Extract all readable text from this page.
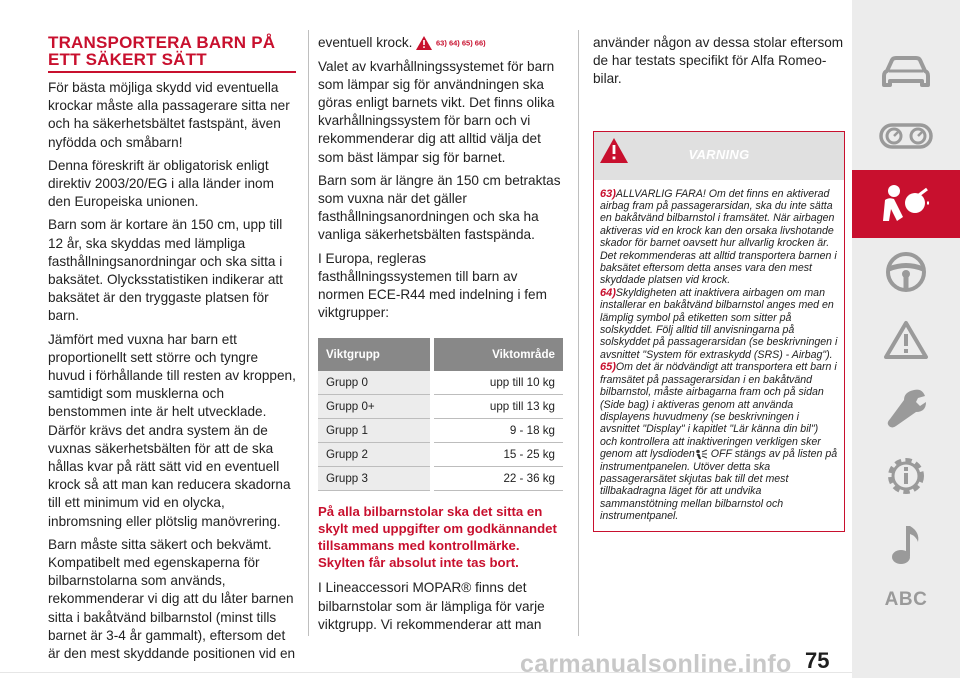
TRANSPORTERA BARN PÅ ETT SÄKERT SÄTT

För bästa möjliga skydd vid eventuella krockar måste alla passagerare sitta ner och ha säkerhetsbältet fastspänt, även nyfödda och småbarn!

Denna föreskrift är obligatorisk enligt direktiv 2003/20/EG i alla länder inom den Europeiska unionen.

Barn som är kortare än 150 cm, upp till 12 år, ska skyddas med lämpliga fasthållningsanordningar och ska sitta i baksätet. Olycksstatistiken indikerar att baksätet är den tryggaste platsen för barn.

Jämfört med vuxna har barn ett proportionellt sett större och tyngre huvud i förhållande till resten av kroppen, samtidigt som musklerna och benstommen inte är helt utvecklade. Därför krävs det andra system än de vuxnas säkerhetsbälten för att de ska hållas kvar på rätt sätt vid en eventuell krock så att man kan reducera skadorna till ett minimum vid en olycka, inbromsning eller plötslig manövrering.

Barn måste sitta säkert och bekvämt. Kompatibelt med egenskaperna för bilbarnstolarna som används, rekommenderar vi dig att du låter barnen sitta i bakåtvänd bilbarnstol (minst tills barnet är 3-4 år gammalt), eftersom det är den mest skyddande positionen vid en

eventuell krock.	63) 64) 65) 66)

Valet av kvarhållningssystemet för barn som lämpar sig för användningen ska göras enligt barnets vikt. Det finns olika kvarhållningssystem för barn och vi rekommenderar dig att alltid välja det som bäst lämpar sig för barnet.

Barn som är längre än 150 cm betraktas som vuxna när det gäller fasthållningsanordningen och ska ha vanliga säkerhetsbälten fastspända.

I Europa, regleras fasthållningssystemen till barn av normen ECE-R44 med indelning i fem viktgrupper:

Viktgrupp	Viktområde
Grupp 0	upp till 10 kg
Grupp 0+	upp till 13 kg
Grupp 1	9 - 18 kg
Grupp 2	15 - 25 kg
Grupp 3	22 - 36 kg

På alla bilbarnstolar ska det sitta en skylt med uppgifter om godkännandet tillsammans med kontrollmärke. Skylten får absolut inte tas bort.

I Lineaccessori MOPAR® finns det bilbarnstolar som är lämpliga för varje viktgrupp. Vi rekommenderar att man

använder någon av dessa stolar eftersom de har testats specifikt för Alfa Romeo-bilar.

VARNING

63)ALLVARLIG FARA! Om det finns en aktiverad airbag fram på passagerarsidan, ska du inte sätta en bakåtvänd bilbarnstol i framsätet. När airbagen aktiveras vid en krock kan den orsaka livshotande skador för barnet oavsett hur allvarlig krocken är. Det rekommenderas att alltid transportera barnen i baksätet eftersom detta anses vara den mest skyddade platsen vid krock.

64)Skyldigheten att inaktivera airbagen om man installerar en bakåtvänd bilbarnstol anges med en lämplig symbol på etiketten som sitter på solskyddet. Följ alltid till anvisningarna på solskyddet på passagerarsidan (se beskrivningen i avsnittet "System för extraskydd (SRS) - Airbag").

65)Om det är nödvändigt att transportera ett barn i framsätet på passagerarsidan i en bakåtvänd bilbarnstol, måste airbagarna fram och på sidan (Side bag) i aktiveras genom att använda displayens huvudmeny (se beskrivningen i avsnittet "Display" i kapitlet "Lär känna din bil") och kontrollera att inaktiveringen verkligen sker genom att lysdioden OFF stängs av på listen på instrumentpanelen. Utöver detta ska passagerarsätet skjutas bak till det mest tillbakadragna läget för att undvika sammanstötning mellan bilbarnstol och instrumentpanel.

ABC
carmanualsonline.info 75
